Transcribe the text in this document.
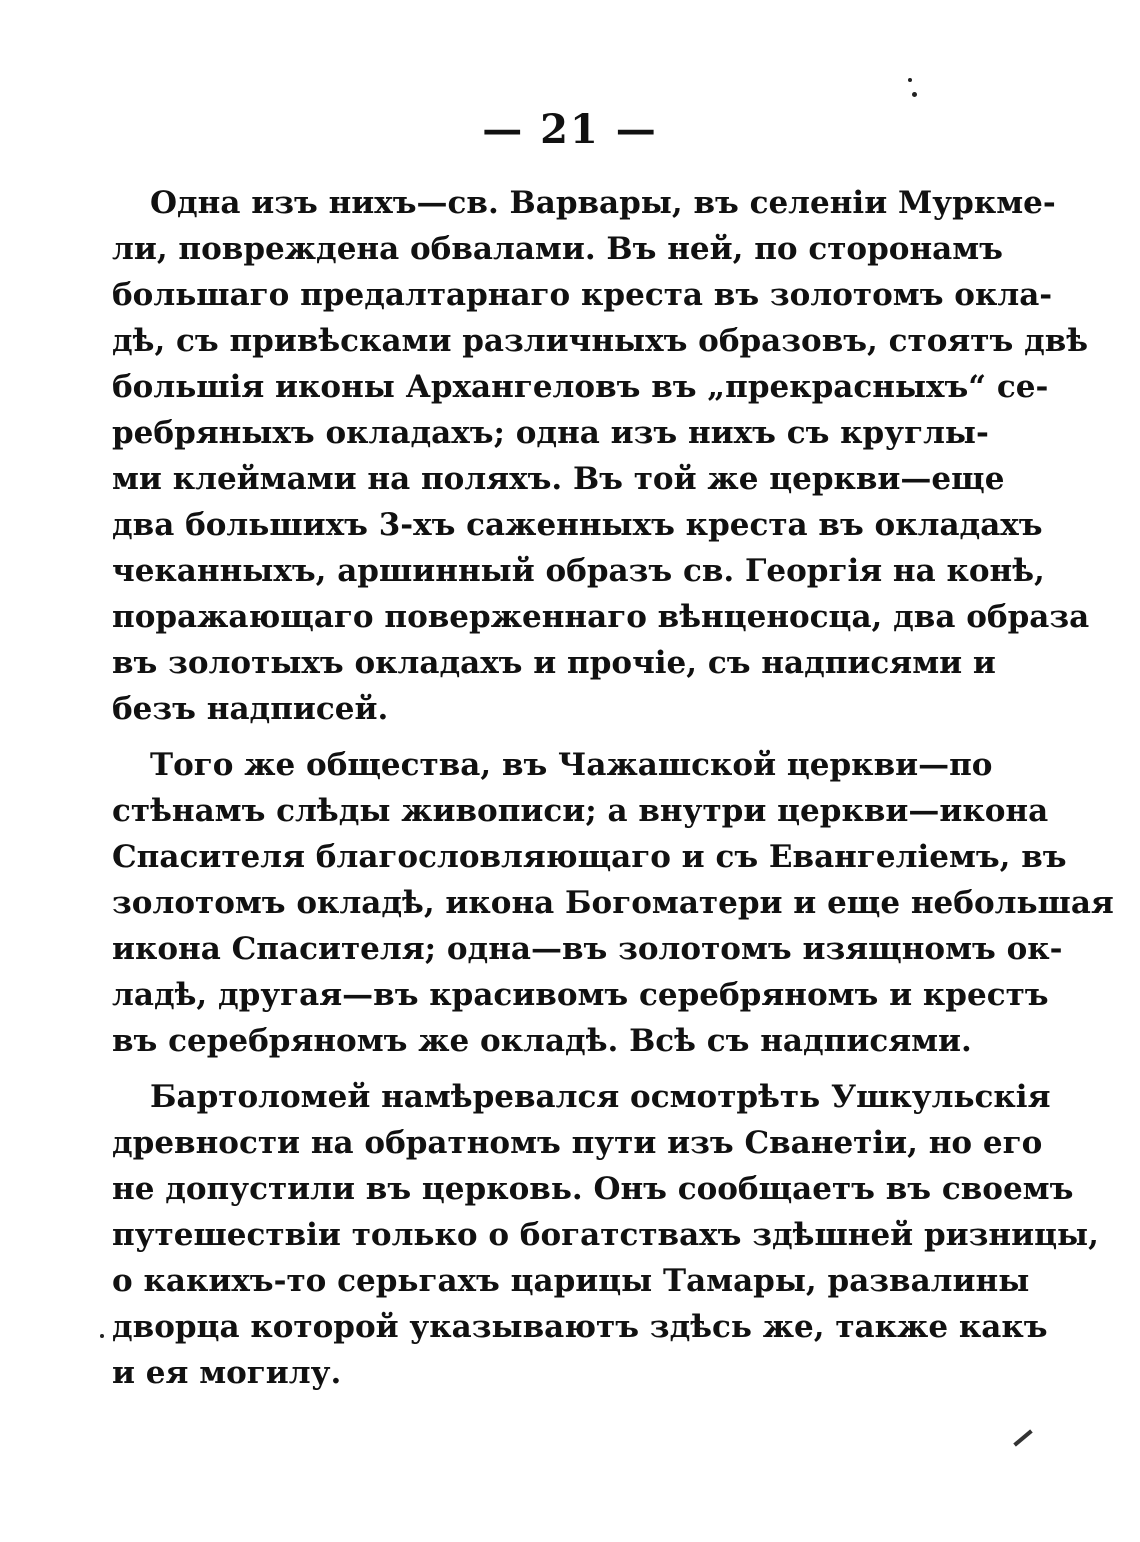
— 21 —

Одна изъ нихъ—св. Варвары, въ селеніи Муркме-
ли, повреждена обвалами. Въ ней, по сторонамъ
большаго предалтарнаго креста въ золотомъ окла-
дѣ, съ привѣсками различныхъ образовъ, стоятъ двѣ
большія иконы Архангеловъ въ „прекрасныхъ“ се-
ребряныхъ окладахъ; одна изъ нихъ съ круглы-
ми клеймами на поляхъ. Въ той же церкви—еще
два большихъ 3-хъ саженныхъ креста въ окладахъ
чеканныхъ, аршинный образъ св. Георгія на конѣ,
поражающаго поверженнаго вѣнценосца, два образа
въ золотыхъ окладахъ и прочіе, съ надписями и
безъ надписей.

Того же общества, въ Чажашской церкви—по
стѣнамъ слѣды живописи; а внутри церкви—икона
Спасителя благословляющаго и съ Евангеліемъ, въ
золотомъ окладѣ, икона Богоматери и еще небольшая
икона Спасителя; одна—въ золотомъ изящномъ ок-
ладѣ, другая—въ красивомъ серебряномъ и крестъ
въ серебряномъ же окладѣ. Всѣ съ надписями.

Бартоломей намѣревался осмотрѣть Ушкульскія
древности на обратномъ пути изъ Сванетіи, но его
не допустили въ церковь. Онъ сообщаетъ въ своемъ
путешествіи только о богатствахъ здѣшней ризницы,
о какихъ-то серьгахъ царицы Тамары, развалины
дворца которой указываютъ здѣсь же, также какъ
и ея могилу.
